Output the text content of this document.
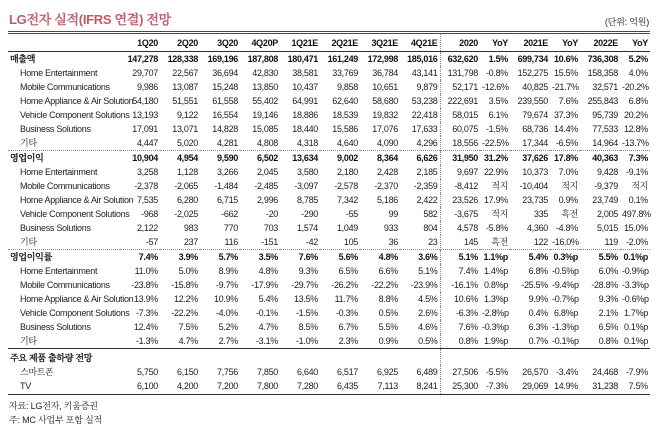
LG전자 실적(IFRS 연결) 전망	(단위: 억원)
	1Q20	2Q20	3Q20	4Q20P	1Q21E	2Q21E	3Q21E	4Q21E	2020	YoY	2021E	YoY	2022E	YoY
매출액	147,278	128,338	169,196	187,808	180,471	161,249	172,998	185,016	632,620	1.5%	699,734	10.6%	736,308	5.2%
Home Entertainment	29,707	22,567	36,694	42,830	38,581	33,769	36,784	43,141	131,798	-0.8%	152,275	15.5%	158,358	4.0%
Mobile Communications	9,986	13,087	15,248	13,850	10,437	9,858	10,651	9,879	52,171	-12.6%	40,825	-21.7%	32,571	-20.2%
Home Appliance & Air Solution	54,180	51,551	61,558	55,402	64,991	62,640	58,680	53,238	222,691	3.5%	239,550	7.6%	255,843	6.8%
Vehicle Component Solutions	13,193	9,122	16,554	19,146	18,886	18,539	19,832	22,418	58,015	6.1%	79,674	37.3%	95,739	20.2%
Business Solutions	17,091	13,071	14,828	15,085	18,440	15,586	17,076	17,633	60,075	-1.5%	68,736	14.4%	77,533	12.8%
기타	4,447	5,020	4,281	4,808	4,318	4,640	4,090	4,296	18,556	-22.5%	17,344	-6.5%	14,964	-13.7%
영업이익	10,904	4,954	9,590	6,502	13,634	9,002	8,364	6,626	31,950	31.2%	37,626	17.8%	40,363	7.3%
Home Entertainment	3,258	1,128	3,266	2,045	3,580	2,180	2,428	2,185	9,697	22.9%	10,373	7.0%	9,428	-9.1%
Mobile Communications	-2,378	-2,065	-1,484	-2,485	-3,097	-2,578	-2,370	-2,359	-8,412	적지	-10,404	적지	-9,379	적지
Home Appliance & Air Solution	7,535	6,280	6,715	2,996	8,785	7,342	5,186	2,422	23,526	17.9%	23,735	0.9%	23,749	0.1%
Vehicle Component Solutions	-968	-2,025	-662	-20	-290	-55	99	582	-3,675	적지	335	흑전	2,005	497.8%
Business Solutions	2,122	983	770	703	1,574	1,049	933	804	4,578	-5.8%	4,360	-4.8%	5,015	15.0%
기타	-57	237	116	-151	-42	105	36	23	145	흑전	122	-16.0%	119	-2.0%
영업이익률	7.4%	3.9%	5.7%	3.5%	7.6%	5.6%	4.8%	3.6%	5.1%	1.1%p	5.4%	0.3%p	5.5%	0.1%p
Home Entertainment	11.0%	5.0%	8.9%	4.8%	9.3%	6.5%	6.6%	5.1%	7.4%	1.4%p	6.8%	-0.5%p	6.0%	-0.9%p
Mobile Communications	-23.8%	-15.8%	-9.7%	-17.9%	-29.7%	-26.2%	-22.2%	-23.9%	-16.1%	0.8%p	-25.5%	-9.4%p	-28.8%	-3.3%p
Home Appliance & Air Solution	13.9%	12.2%	10.9%	5.4%	13.5%	11.7%	8.8%	4.5%	10.6%	1.3%p	9.9%	-0.7%p	9.3%	-0.6%p
Vehicle Component Solutions	-7.3%	-22.2%	-4.0%	-0.1%	-1.5%	-0.3%	0.5%	2.6%	-6.3%	-2.8%p	0.4%	6.8%p	2.1%	1.7%p
Business Solutions	12.4%	7.5%	5.2%	4.7%	8.5%	6.7%	5.5%	4.6%	7.6%	-0.3%p	6.3%	-1.3%p	6.5%	0.1%p
기타	-1.3%	4.7%	2.7%	-3.1%	-1.0%	2.3%	0.9%	0.5%	0.8%	1.9%p	0.7%	-0.1%p	0.8%	0.1%p
주요 제품 출하량 전망														
스마트폰	5,750	6,150	7,756	7,850	6,640	6,517	6,925	6,489	27,506	-5.5%	26,570	-3.4%	24,468	-7.9%
TV	6,100	4,200	7,200	7,800	7,280	6,435	7,113	8,241	25,300	-7.3%	29,069	14.9%	31,238	7.5%
자료: LG전자, 키움증권
주: MC 사업부 포함 실적
